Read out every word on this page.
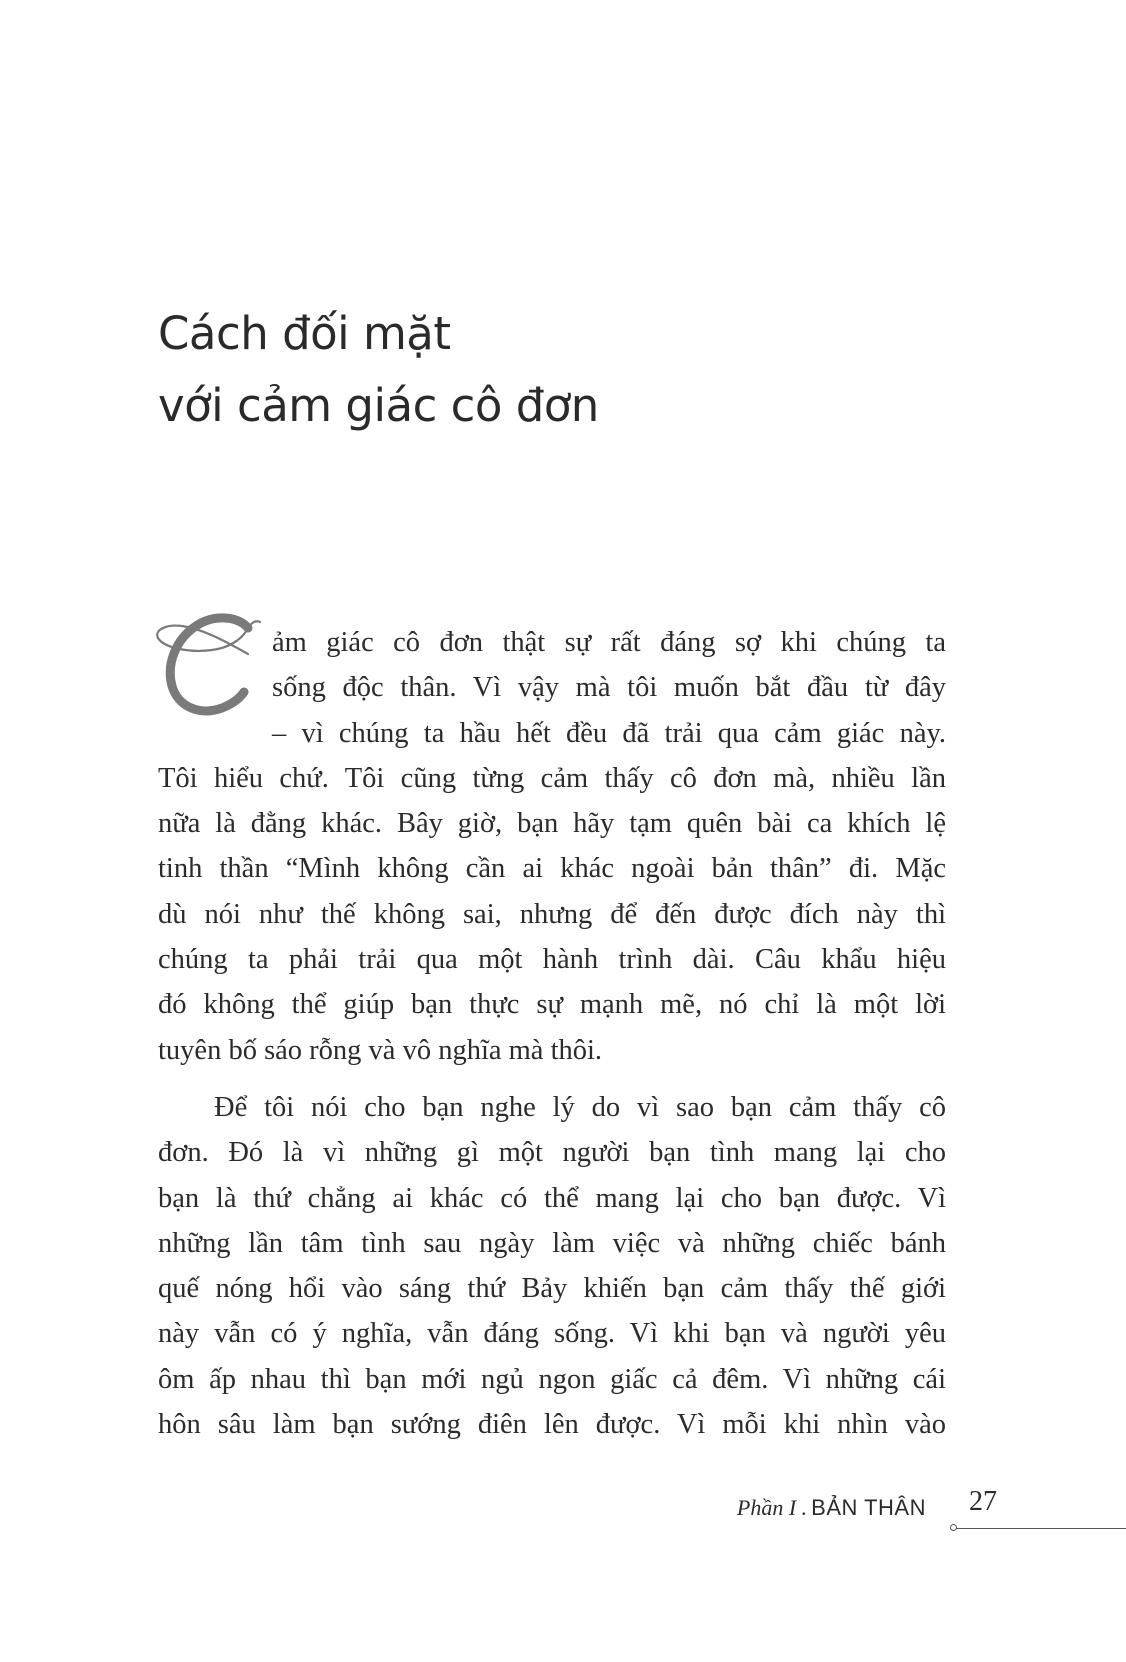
Cách đối mặt
với cảm giác cô đơn
ảm giác cô đơn thật sự rất đáng sợ khi chúng ta
sống độc thân. Vì vậy mà tôi muốn bắt đầu từ đây
– vì chúng ta hầu hết đều đã trải qua cảm giác này.
Tôi hiểu chứ. Tôi cũng từng cảm thấy cô đơn mà, nhiều lần
nữa là đằng khác. Bây giờ, bạn hãy tạm quên bài ca khích lệ
tinh thần “Mình không cần ai khác ngoài bản thân” đi. Mặc
dù nói như thế không sai, nhưng để đến được đích này thì
chúng ta phải trải qua một hành trình dài. Câu khẩu hiệu
đó không thể giúp bạn thực sự mạnh mẽ, nó chỉ là một lời
tuyên bố sáo rỗng và vô nghĩa mà thôi.
Để tôi nói cho bạn nghe lý do vì sao bạn cảm thấy cô
đơn. Đó là vì những gì một người bạn tình mang lại cho
bạn là thứ chẳng ai khác có thể mang lại cho bạn được. Vì
những lần tâm tình sau ngày làm việc và những chiếc bánh
quế nóng hổi vào sáng thứ Bảy khiến bạn cảm thấy thế giới
này vẫn có ý nghĩa, vẫn đáng sống. Vì khi bạn và người yêu
ôm ấp nhau thì bạn mới ngủ ngon giấc cả đêm. Vì những cái
hôn sâu làm bạn sướng điên lên được. Vì mỗi khi nhìn vào
Phần I . BẢN THÂN 27
